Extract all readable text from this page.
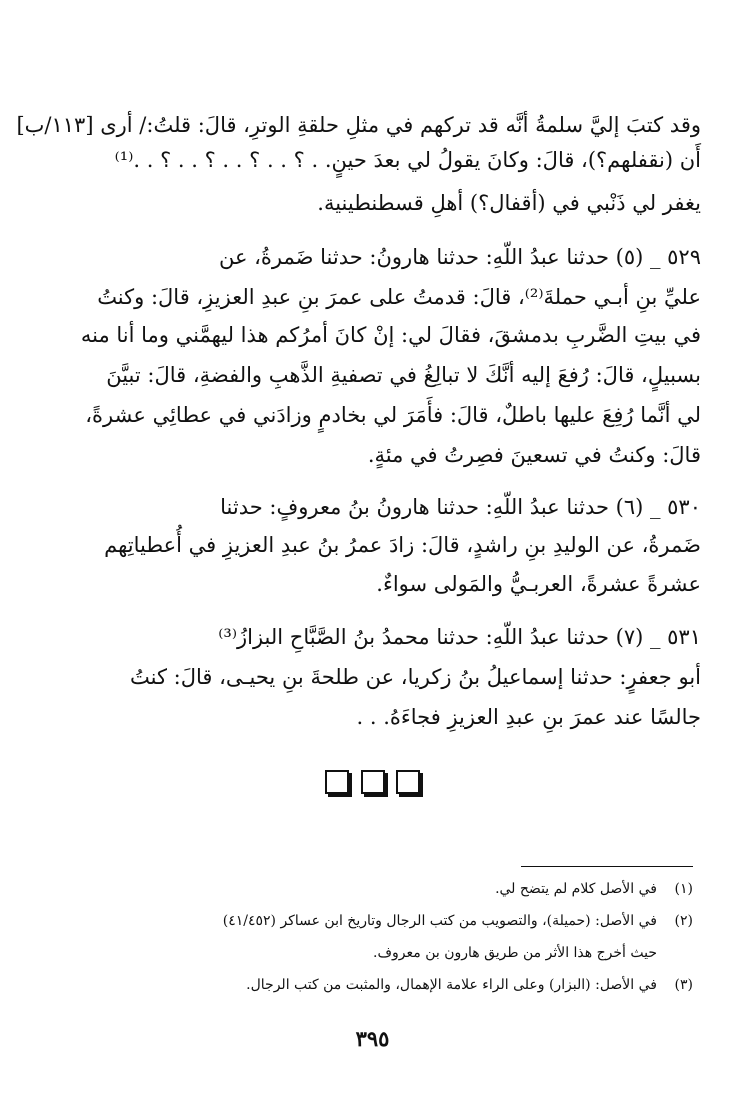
وقد كتبَ إليَّ سلمةُ أنَّه قد تركهم في مثلِ حلقةِ الوترِ، قالَ: قلتُ:/ أرى [١١٣/ب]
أَن (نقفلهم؟)، قالَ: وكانَ يقولُ لي بعدَ حينٍ. . ؟ . . ؟ . . ؟ . . ؟ . .⁽¹⁾
يغفر لي ذَنْبي في (أقفال؟) أهلِ قسطنطينية.
٥٢٩ _ (٥) حدثنا عبدُ اللّهِ: حدثنا هارونُ: حدثنا ضَمرةُ، عن
عليِّ بنِ أبـي حملةَ⁽²⁾، قالَ: قدمتُ على عمرَ بنِ عبدِ العزيزِ، قالَ: وكنتُ
في بيتِ الضَّربِ بدمشقَ، فقالَ لي: إنْ كانَ أمرُكم هذا ليهمَّني وما أنا منه
بسبيلٍ، قالَ: رُفعَ إليه أنَّكَ لا تبالِغُ في تصفيةِ الذَّهبِ والفضةِ، قالَ: تبيَّنَ
لي أنَّما رُفِعَ عليها باطلٌ، قالَ: فأَمَرَ لي بخادمٍ وزادَني في عطائِي عشرةً،
قالَ: وكنتُ في تسعينَ فصِرتُ في مئةٍ.
٥٣٠ _ (٦) حدثنا عبدُ اللّهِ: حدثنا هارونُ بنُ معروفٍ: حدثنا
ضَمرةُ، عن الوليدِ بنِ راشدٍ، قالَ: زادَ عمرُ بنُ عبدِ العزيزِ في أُعطياتِهم
عشرةً عشرةً، العربـيُّ والمَولى سواءٌ.
٥٣١ _ (٧) حدثنا عبدُ اللّهِ: حدثنا محمدُ بنُ الصَّبَّاحِ البزازُ⁽³⁾
أبو جعفرٍ: حدثنا إسماعيلُ بنُ زكريا، عن طلحةَ بنِ يحيـى، قالَ: كنتُ
جالسًا عند عمرَ بنِ عبدِ العزيزِ فجاءَهُ. . .

(١)في الأصل كلام لم يتضح لي.
(٢)في الأصل: (حميلة)، والتصويب من كتب الرجال وتاريخ ابن عساكر (٤١/٤٥٢)
حيث أخرج هذا الأثر من طريق هارون بن معروف.
(٣)في الأصل: (البزار) وعلى الراء علامة الإهمال، والمثبت من كتب الرجال.
٣٩٥
